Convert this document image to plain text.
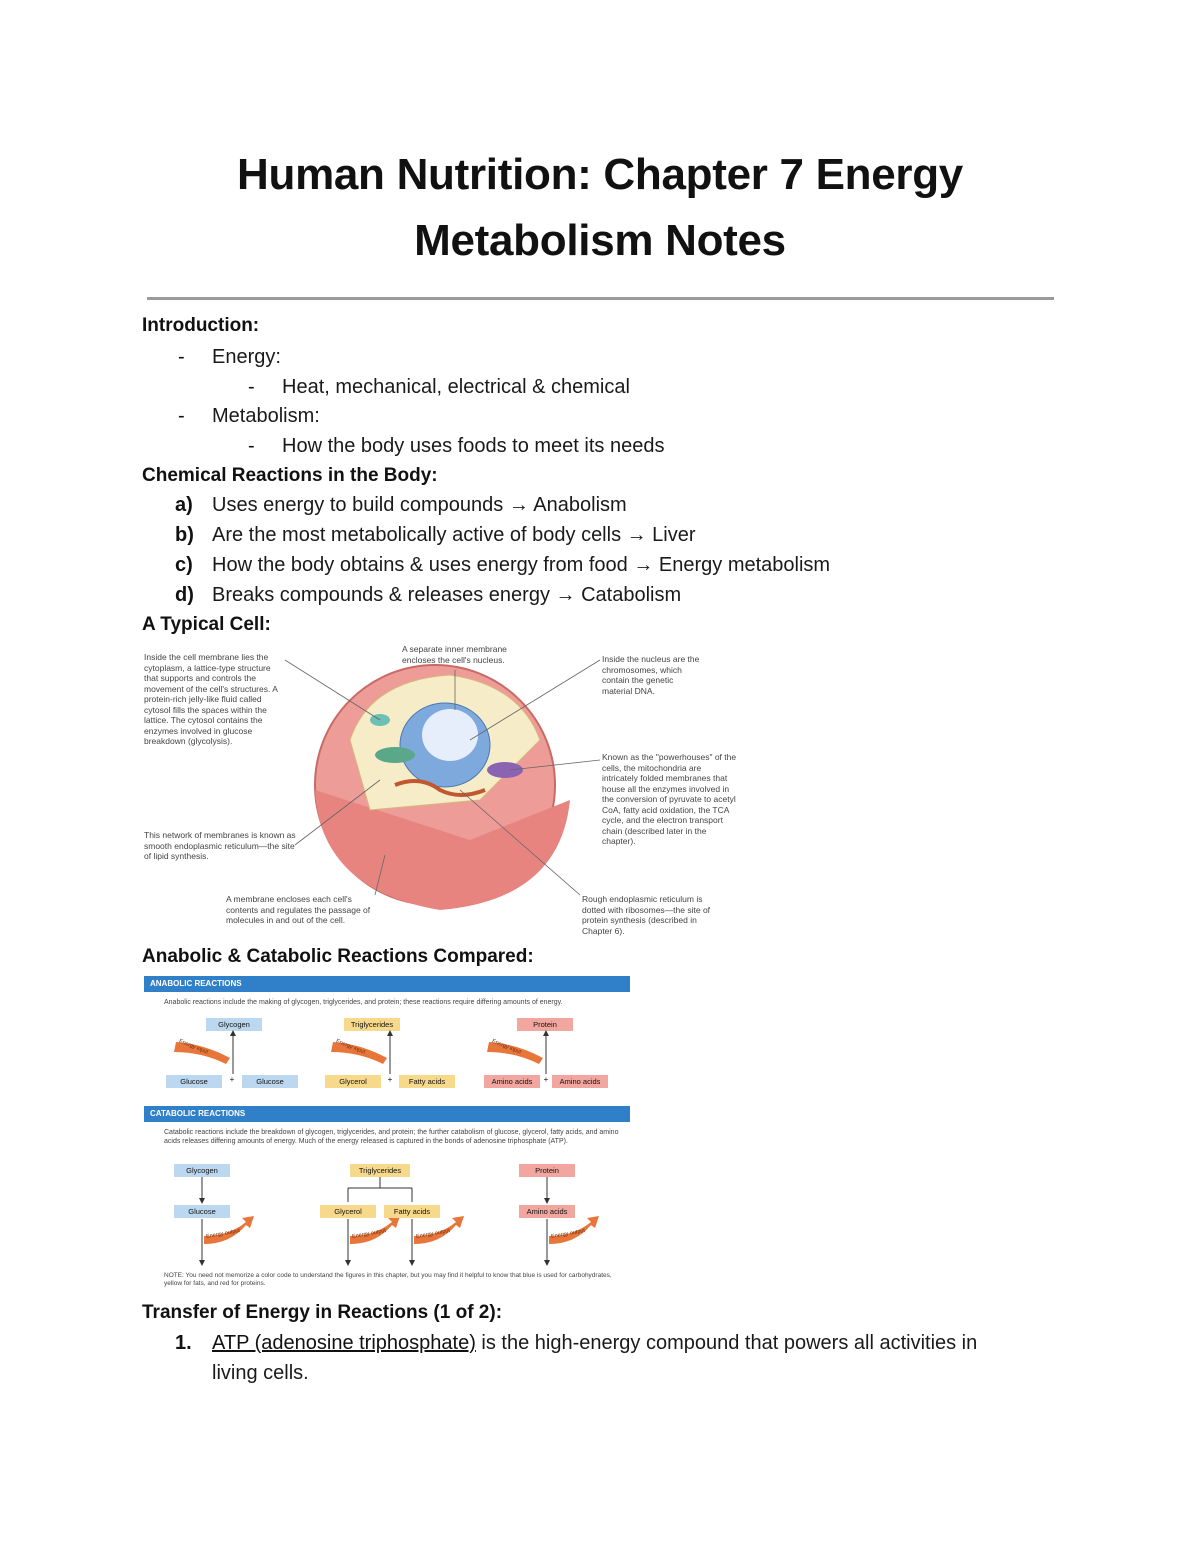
Human Nutrition: Chapter 7 Energy
Metabolism Notes
Introduction:
- Energy:
- Heat, mechanical, electrical & chemical
- Metabolism:
- How the body uses foods to meet its needs
Chemical Reactions in the Body:
a) Uses energy to build compounds → Anabolism
b) Are the most metabolically active of body cells → Liver
c) How the body obtains & uses energy from food → Energy metabolism
d) Breaks compounds & releases energy → Catabolism
A Typical Cell:
Inside the cell membrane lies the cytoplasm, a lattice-type structure that supports and controls the movement of the cell's structures. A protein-rich jelly-like fluid called cytosol fills the spaces within the lattice. The cytosol contains the enzymes involved in glucose breakdown (glycolysis).
A separate inner membrane encloses the cell's nucleus.	Inside the nucleus are the chromosomes, which contain the genetic material DNA.
Known as the "powerhouses" of the cells, the mitochondria are intricately folded membranes that house all the enzymes involved in the conversion of pyruvate to acetyl CoA, fatty acid oxidation, the TCA cycle, and the electron transport chain (described later in the chapter).
This network of membranes is known as smooth endoplasmic reticulum—the site of lipid synthesis.
A membrane encloses each cell's contents and regulates the passage of molecules in and out of the cell.
Rough endoplasmic reticulum is dotted with ribosomes—the site of protein synthesis (described in Chapter 6).
Anabolic & Catabolic Reactions Compared:
ANABOLIC REACTIONS
Anabolic reactions include the making of glycogen, triglycerides, and protein; these reactions require differing amounts of energy.
Glycogen	Triglycerides	Protein
Glucose	+	Glucose	Glycerol	+	Fatty acids	Amino acids	+	Amino acids
Energy input	Energy input	Energy input
Energy output	Energy output	Energy output	Energy output
CATABOLIC REACTIONS
Catabolic reactions include the breakdown of glycogen, triglycerides, and protein; the further catabolism of glucose, glycerol, fatty acids, and amino acids releases differing amounts of energy. Much of the energy released is captured in the bonds of adenosine triphosphate (ATP).
Glycogen
Glucose
Triglycerides
Glycerol	Fatty acids
Protein
Amino acids
NOTE: You need not memorize a color code to understand the figures in this chapter, but you may find it helpful to know that blue is used for carbohydrates, yellow for fats, and red for proteins.
Transfer of Energy in Reactions (1 of 2):
1. ATP (adenosine triphosphate) is the high-energy compound that powers all activities in
living cells.
